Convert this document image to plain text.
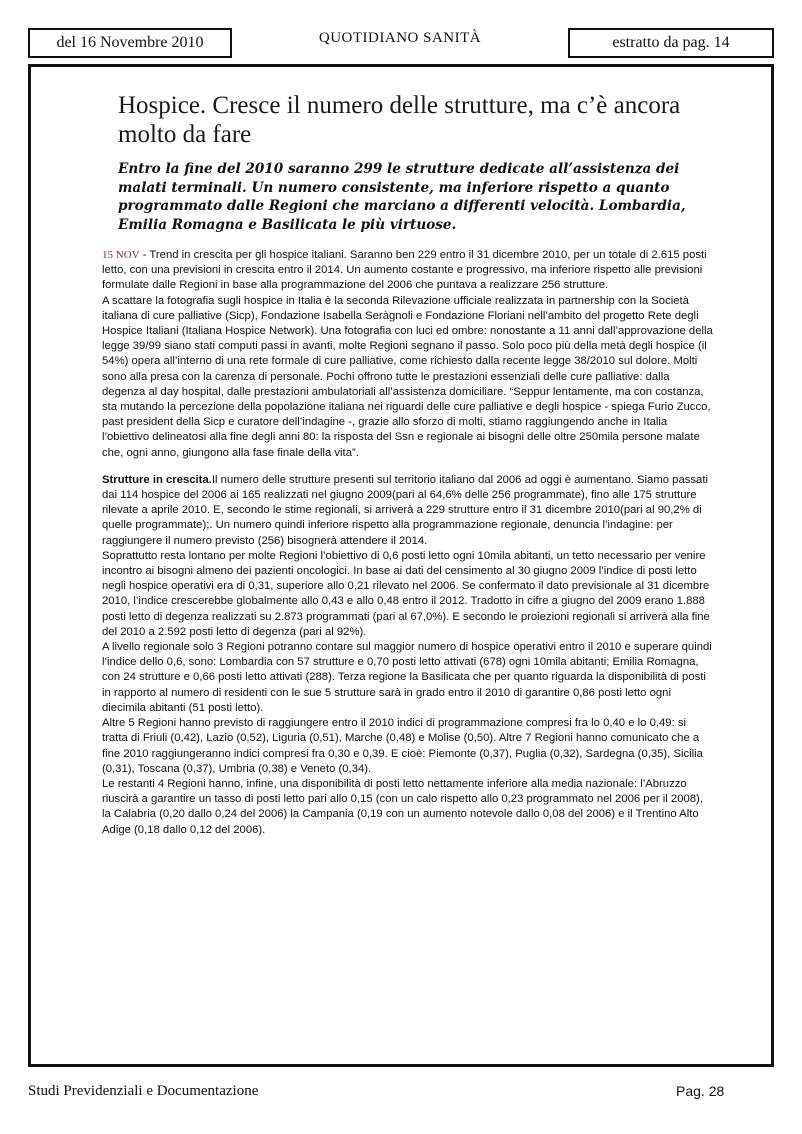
del 16 Novembre 2010	QUOTIDIANO SANITÀ	estratto da pag. 14
Hospice. Cresce il numero delle strutture, ma c’è ancora molto da fare

Entro la fine del 2010 saranno 299 le strutture dedicate all’assistenza dei malati terminali. Un numero consistente, ma inferiore rispetto a quanto programmato dalle Regioni che marciano a differenti velocità. Lombardia, Emilia Romagna e Basilicata le più virtuose.

15 NOV - Trend in crescita per gli hospice italiani. Saranno ben 229 entro il 31 dicembre 2010, per un totale di 2.615 posti letto, con una previsioni in crescita entro il 2014. Un aumento costante e progressivo, ma inferiore rispetto alle previsioni formulate dalle Regioni in base alla programmazione del 2006 che puntava a realizzare 256 strutture.

A scattare la fotografia sugli hospice in Italia è la seconda Rilevazione ufficiale realizzata in partnership con la Società italiana di cure palliative (Sicp), Fondazione Isabella Seràgnoli e Fondazione Floriani nell’ambito del progetto Rete degli Hospice Italiani (Italiana Hospice Network). Una fotografia con luci ed ombre: nonostante a 11 anni dall’approvazione della legge 39/99 siano stati computi passi in avanti, molte Regioni segnano il passo. Solo poco più della metà degli hospice (il 54%) opera all’interno di una rete formale di cure palliative, come richiesto dalla recente legge 38/2010 sul dolore. Molti sono alla presa con la carenza di personale. Pochi offrono tutte le prestazioni essenziali delle cure palliative: dalla degenza al day hospital, dalle prestazioni ambulatoriali all’assistenza domiciliare. “Seppur lentamente, ma con costanza, sta mutando la percezione della popolazione italiana nei riguardi delle cure palliative e degli hospice - spiega Furio Zucco, past president della Sicp e curatore dell’indagine -, grazie allo sforzo di molti, stiamo raggiungendo anche in Italia l’obiettivo delineatosi alla fine degli anni 80: la risposta del Ssn e regionale ai bisogni delle oltre 250mila persone malate che, ogni anno, giungono alla fase finale della vita”.

Strutture in crescita.Il numero delle strutture presenti sul territorio italiano dal 2006 ad oggi è aumentano. Siamo passati dai 114 hospice del 2006 ai 165 realizzati nel giugno 2009(pari al 64,6% delle 256 programmate), fino alle 175 strutture rilevate a aprile 2010. E, secondo le stime regionali, si arriverà a 229 strutture entro il 31 dicembre 2010(pari al 90,2% di quelle programmate);. Un numero quindi inferiore rispetto alla programmazione regionale, denuncia l’indagine: per raggiungere il numero previsto (256) bisognerà attendere il 2014.

Soprattutto resta lontano per molte Regioni l’obiettivo di 0,6 posti letto ogni 10mila abitanti, un tetto necessario per venire incontro ai bisogni almeno dei pazienti oncologici. In base ai dati del censimento al 30 giugno 2009 l’indice di posti letto negli hospice operativi era di 0,31, superiore allo 0,21 rilevato nel 2006. Se confermato il dato previsionale al 31 dicembre 2010, l’indice crescerebbe globalmente allo 0,43 e allo 0,48 entro il 2012. Tradotto in cifre a giugno del 2009 erano 1.888 posti letto di degenza realizzati su 2.873 programmati (pari al 67,0%). E secondo le proiezioni regionali si arriverà alla fine del 2010 a 2.592 posti letto di degenza (pari al 92%).

A livello regionale solo 3 Regioni potranno contare sul maggior numero di hospice operativi entro il 2010 e superare quindi l’indice dello 0,6, sono: Lombardia con 57 strutture e 0,70 posti letto attivati (678) ogni 10mila abitanti; Emilia Romagna, con 24 strutture e 0,66 posti letto attivati (288). Terza regione la Basilicata che per quanto riguarda la disponibilità di posti in rapporto al numero di residenti con le sue 5 strutture sarà in grado entro il 2010 di garantire 0,86 posti letto ogni diecimila abitanti (51 posti letto).

Altre 5 Regioni hanno previsto di raggiungere entro il 2010 indici di programmazione compresi fra lo 0,40 e lo 0,49: si tratta di Friuli (0,42), Lazio (0,52), Liguria (0,51), Marche (0,48) e Molise (0,50). Altre 7 Regioni hanno comunicato che a fine 2010 raggiungeranno indici compresi fra 0,30 e 0,39. E cioè: Piemonte (0,37), Puglia (0,32), Sardegna (0,35), Sicilia (0,31), Toscana (0,37), Umbria (0,38) e Veneto (0,34).

Le restanti 4 Regioni hanno, infine, una disponibilità di posti letto nettamente inferiore alla media nazionale: l’Abruzzo riuscirà a garantire un tasso di posti letto pari allo 0,15 (con un calo rispetto allo 0,23 programmato nel 2006 per il 2008), la Calabria (0,20 dallo 0,24 del 2006) la Campania (0,19 con un aumento notevole dallo 0,08 del 2006) e il Trentino Alto Adige (0,18 dallo 0,12 del 2006).

Studi Previdenziali e Documentazione	Pag. 28
